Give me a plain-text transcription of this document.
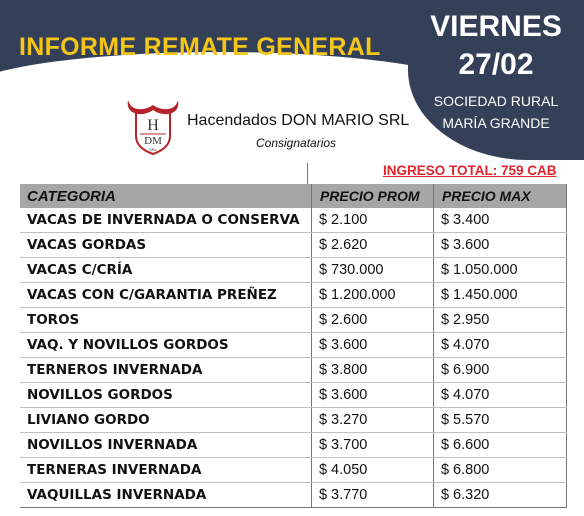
INFORME REMATE GENERAL
VIERNES
27/02
SOCIEDAD RURAL
MARÍA GRANDE
H
DM
SRL
Hacendados DON MARIO SRL
Consignatarios
INGRESO TOTAL: 759 CAB
CATEGORIA	PRECIO PROM	PRECIO MAX
VACAS DE INVERNADA O CONSERVA	$ 2.100	$ 3.400
VACAS GORDAS	$ 2.620	$ 3.600
VACAS C/CRÍA	$ 730.000	$ 1.050.000
VACAS CON C/GARANTIA PREÑEZ	$ 1.200.000	$ 1.450.000
TOROS	$ 2.600	$ 2.950
VAQ. Y NOVILLOS GORDOS	$ 3.600	$ 4.070
TERNEROS INVERNADA	$ 3.800	$ 6.900
NOVILLOS GORDOS	$ 3.600	$ 4.070
LIVIANO GORDO	$ 3.270	$ 5.570
NOVILLOS INVERNADA	$ 3.700	$ 6.600
TERNERAS INVERNADA	$ 4.050	$ 6.800
VAQUILLAS INVERNADA	$ 3.770	$ 6.320
